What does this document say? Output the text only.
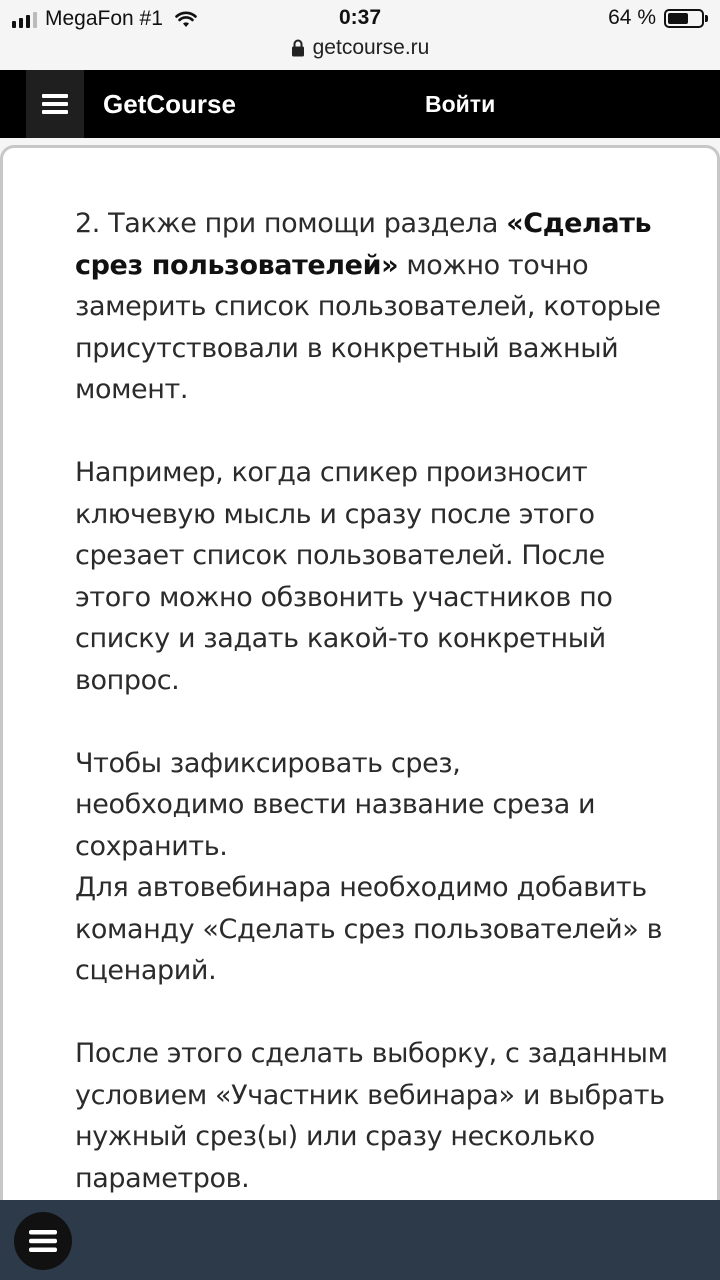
MegaFon #1	0:37	64 %
getcourse.ru
GetCourse	Войти

2. Также при помощи раздела «Сделать срез пользователей» можно точно замерить список пользователей, которые присутствовали в конкретный важный момент.

Например, когда спикер произносит ключевую мысль и сразу после этого срезает список пользователей. После этого можно обзвонить участников по списку и задать какой-то конкретный вопрос.

Чтобы зафиксировать срез,

необходимо ввести название среза и сохранить.

Для автовебинара необходимо добавить команду «Сделать срез пользователей» в сценарий.

После этого сделать выборку, с заданным условием «Участник вебинара» и выбрать нужный срез(ы) или сразу несколько параметров.
